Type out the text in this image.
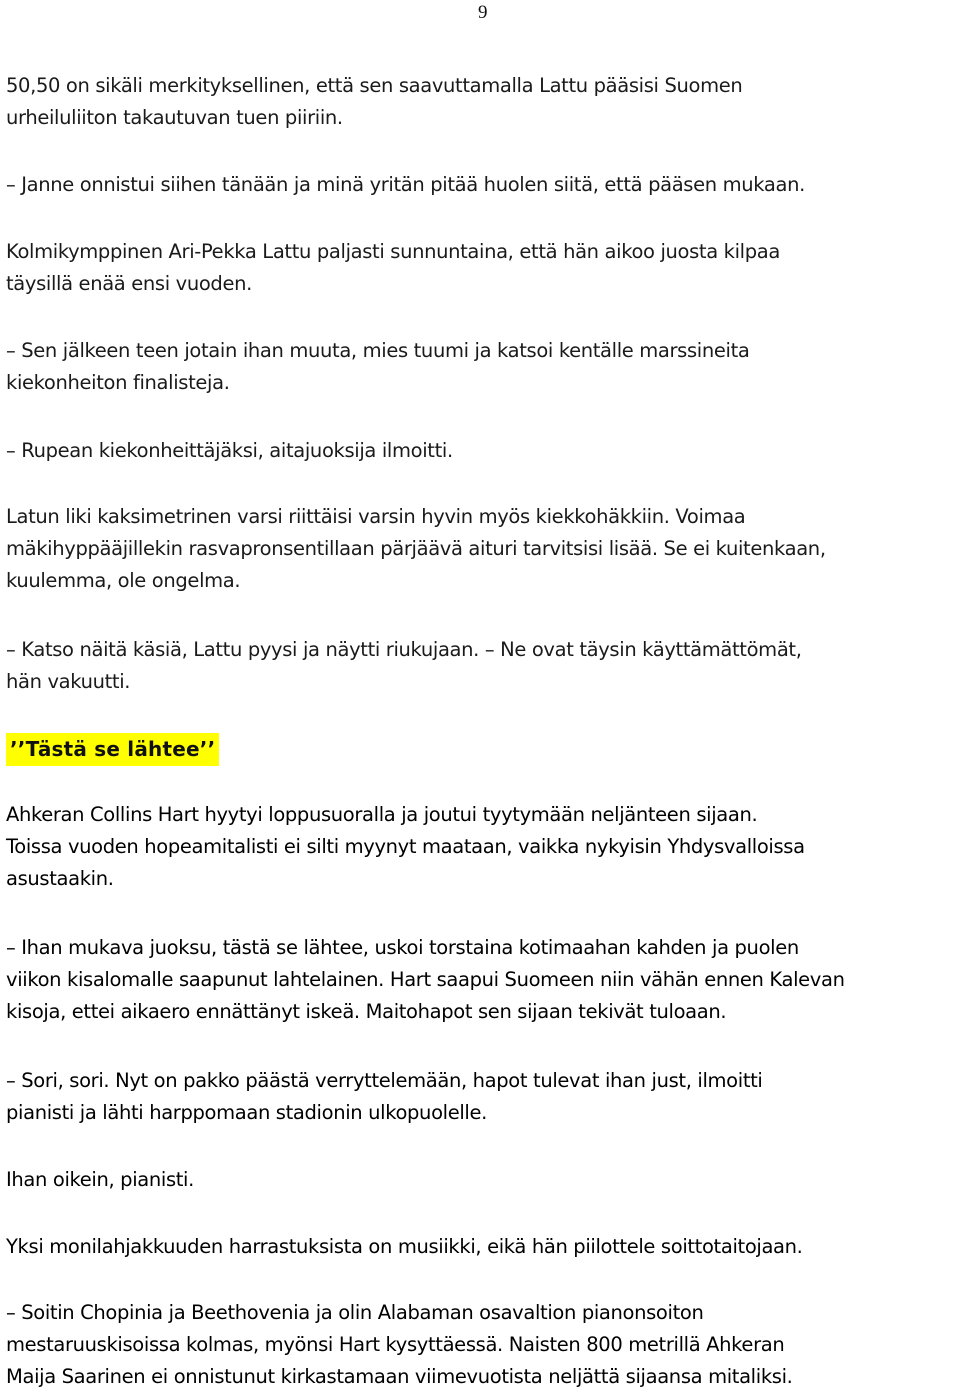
9

50,50 on sikäli merkityksellinen, että sen saavuttamalla Lattu pääsisi Suomen
urheiluliiton takautuvan tuen piiriin.

– Janne onnistui siihen tänään ja minä yritän pitää huolen siitä, että pääsen mukaan.

Kolmikymppinen Ari-Pekka Lattu paljasti sunnuntaina, että hän aikoo juosta kilpaa
täysillä enää ensi vuoden.

– Sen jälkeen teen jotain ihan muuta, mies tuumi ja katsoi kentälle marssineita
kiekonheiton finalisteja.

– Rupean kiekonheittäjäksi, aitajuoksija ilmoitti.

Latun liki kaksimetrinen varsi riittäisi varsin hyvin myös kiekkohäkkiin. Voimaa
mäkihyppääjillekin rasvapronsentillaan pärjäävä aituri tarvitsisi lisää. Se ei kuitenkaan,
kuulemma, ole ongelma.

– Katso näitä käsiä, Lattu pyysi ja näytti riukujaan. – Ne ovat täysin käyttämättömät,
hän vakuutti.

’’Tästä se lähtee’’

Ahkeran Collins Hart hyytyi loppusuoralla ja joutui tyytymään neljänteen sijaan.
Toissa vuoden hopeamitalisti ei silti myynyt maataan, vaikka nykyisin Yhdysvalloissa
asustaakin.

– Ihan mukava juoksu, tästä se lähtee, uskoi torstaina kotimaahan kahden ja puolen
viikon kisalomalle saapunut lahtelainen. Hart saapui Suomeen niin vähän ennen Kalevan
kisoja, ettei aikaero ennättänyt iskeä. Maitohapot sen sijaan tekivät tuloaan.

– Sori, sori. Nyt on pakko päästä verryttelemään, hapot tulevat ihan just, ilmoitti
pianisti ja lähti harppomaan stadionin ulkopuolelle.

Ihan oikein, pianisti.

Yksi monilahjakkuuden harrastuksista on musiikki, eikä hän piilottele soittotaitojaan.

– Soitin Chopinia ja Beethovenia ja olin Alabaman osavaltion pianonsoiton
mestaruuskisoissa kolmas, myönsi Hart kysyttäessä. Naisten 800 metrillä Ahkeran
Maija Saarinen ei onnistunut kirkastamaan viimevuotista neljättä sijaansa mitaliksi.
